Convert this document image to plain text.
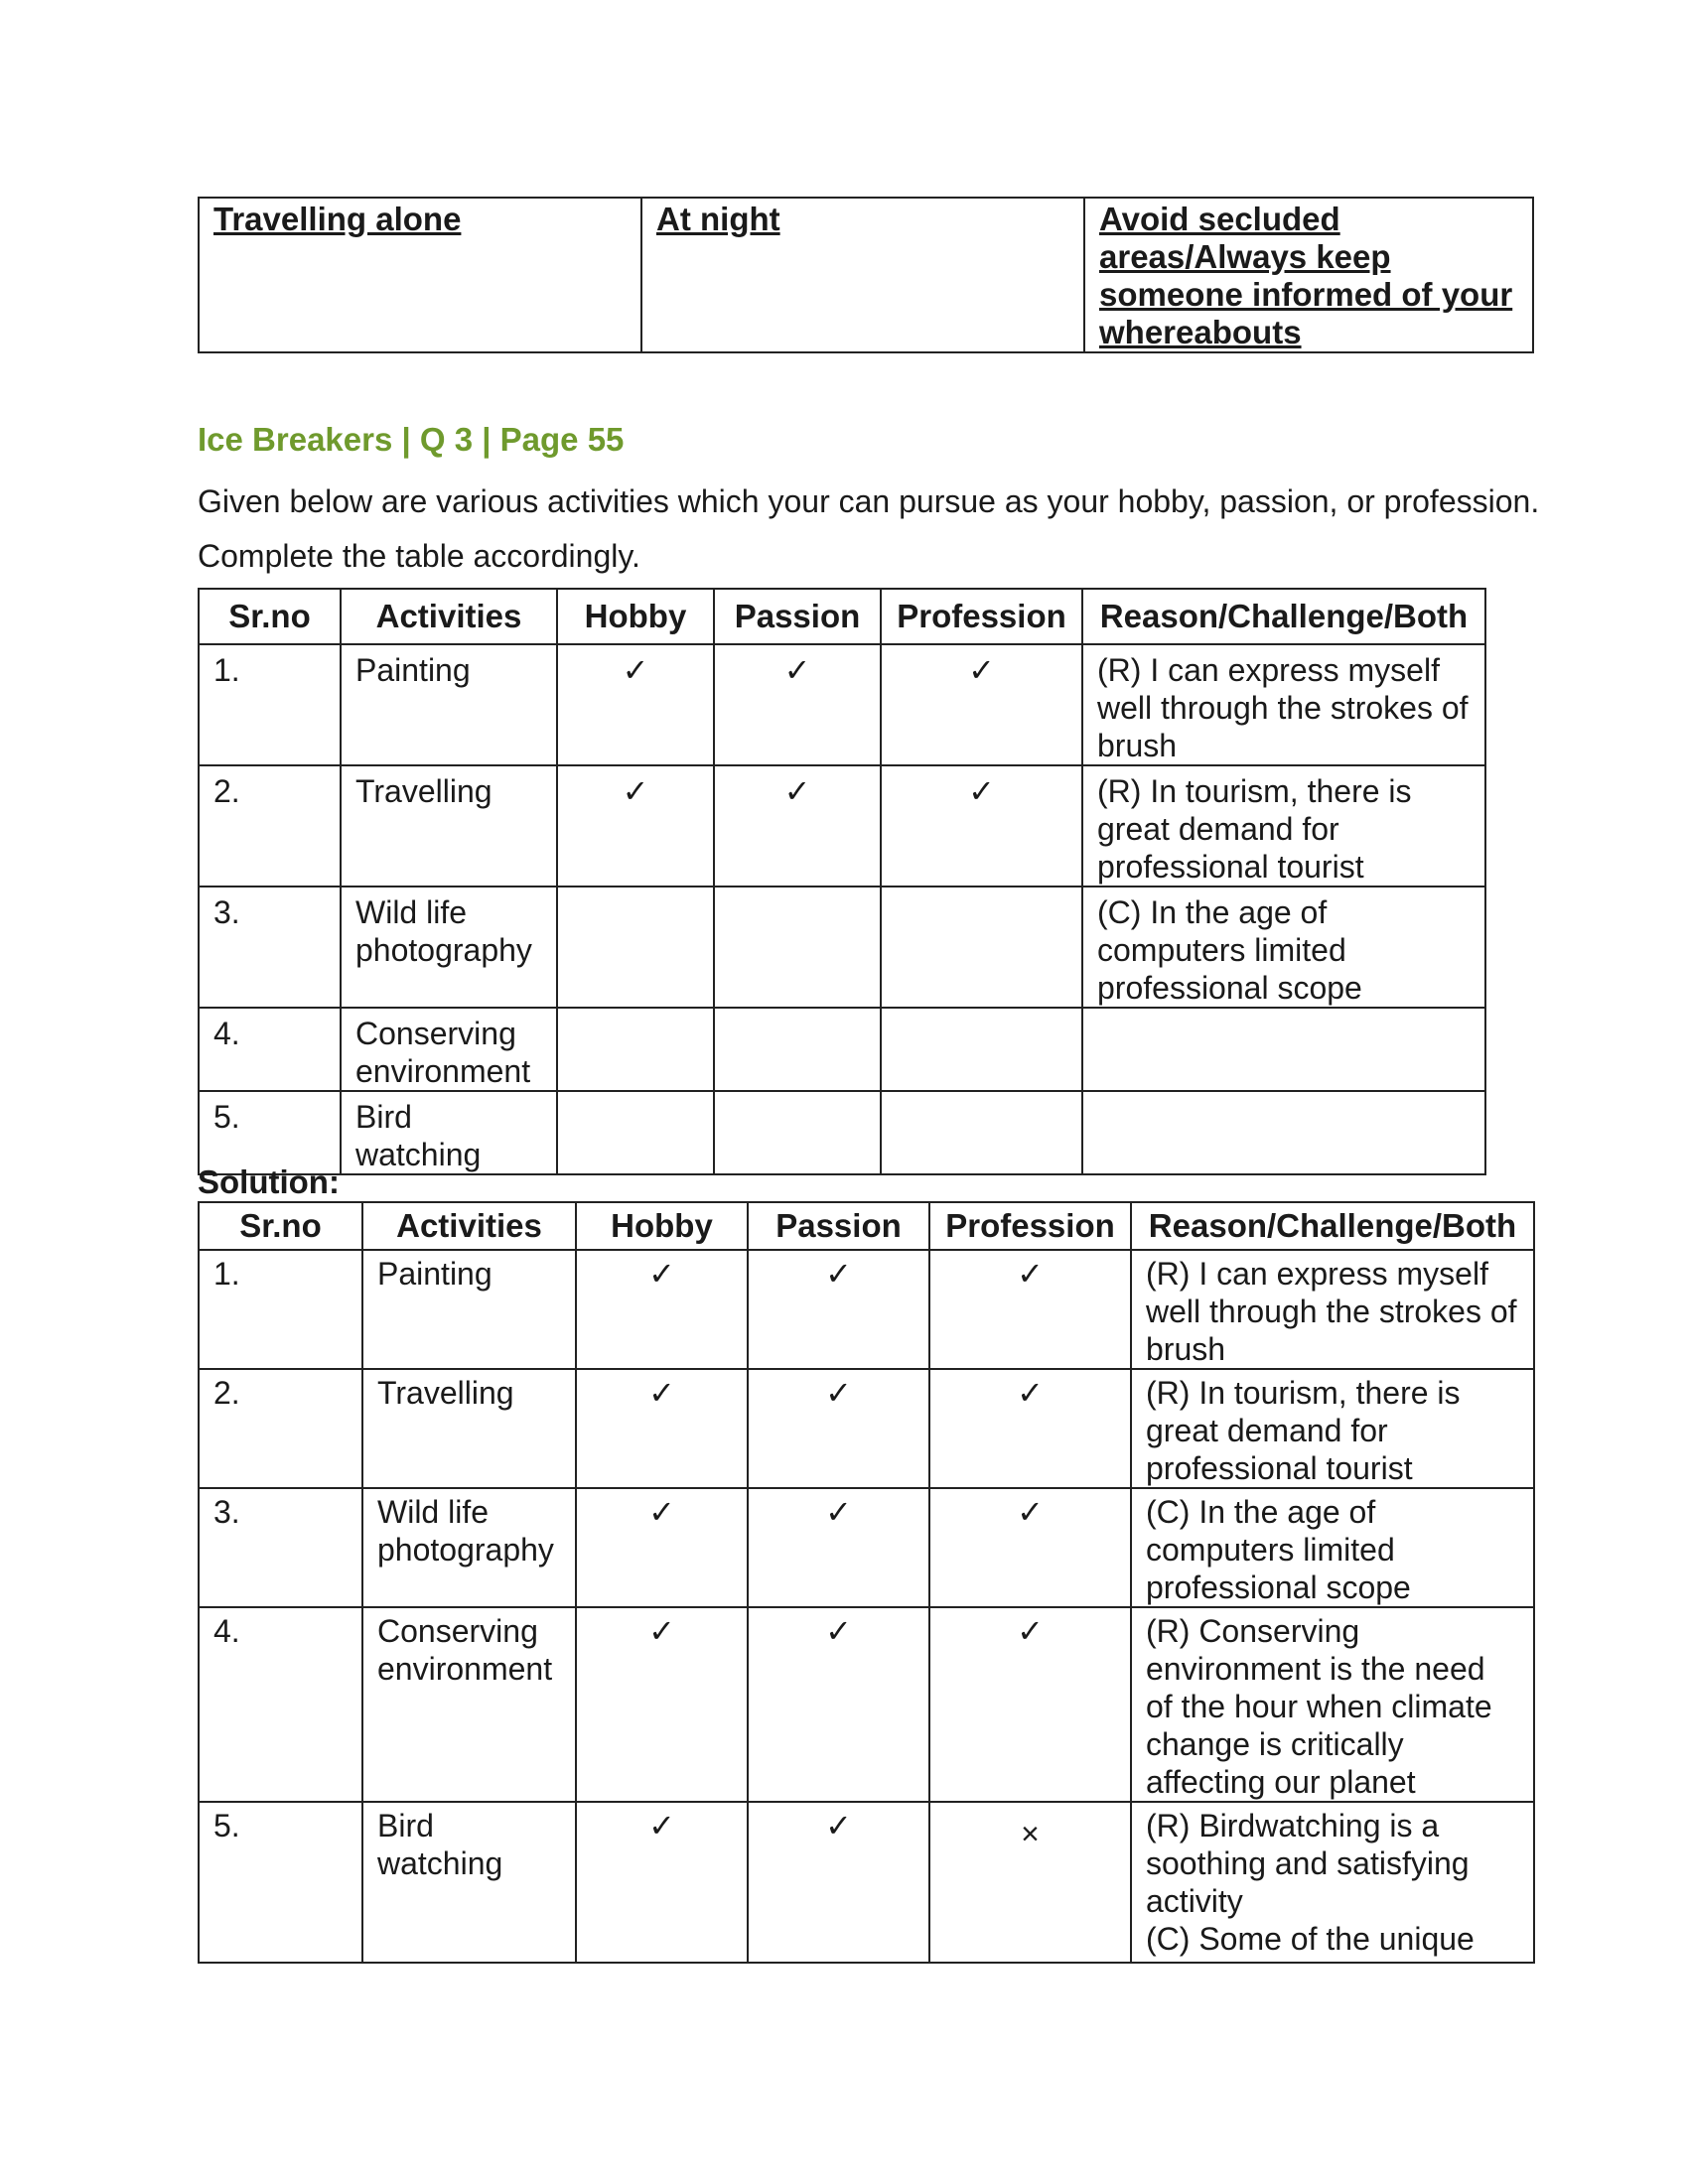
Travelling alone	At night	Avoid secluded areas/Always keep someone informed of your whereabouts
Ice Breakers | Q 3 | Page 55
Given below are various activities which your can pursue as your hobby, passion, or profession. Complete the table accordingly.
Sr.no	Activities	Hobby	Passion	Profession	Reason/Challenge/Both
1.	Painting	✓	✓	✓	(R) I can express myself well through the strokes of brush
2.	Travelling	✓	✓	✓	(R) In tourism, there is great demand for professional tourist
3.	Wild life photography				(C) In the age of computers limited professional scope
4.	Conserving environment				
5.	Bird watching				
Solution:
Sr.no	Activities	Hobby	Passion	Profession	Reason/Challenge/Both
1.	Painting	✓	✓	✓	(R) I can express myself well through the strokes of brush
2.	Travelling	✓	✓	✓	(R) In tourism, there is great demand for professional tourist
3.	Wild life photography	✓	✓	✓	(C) In the age of computers limited professional scope
4.	Conserving environment	✓	✓	✓	(R) Conserving environment is the need of the hour when climate change is critically affecting our planet
5.	Bird watching	✓	✓	×	(R) Birdwatching is a soothing and satisfying activity
(C) Some of the unique
